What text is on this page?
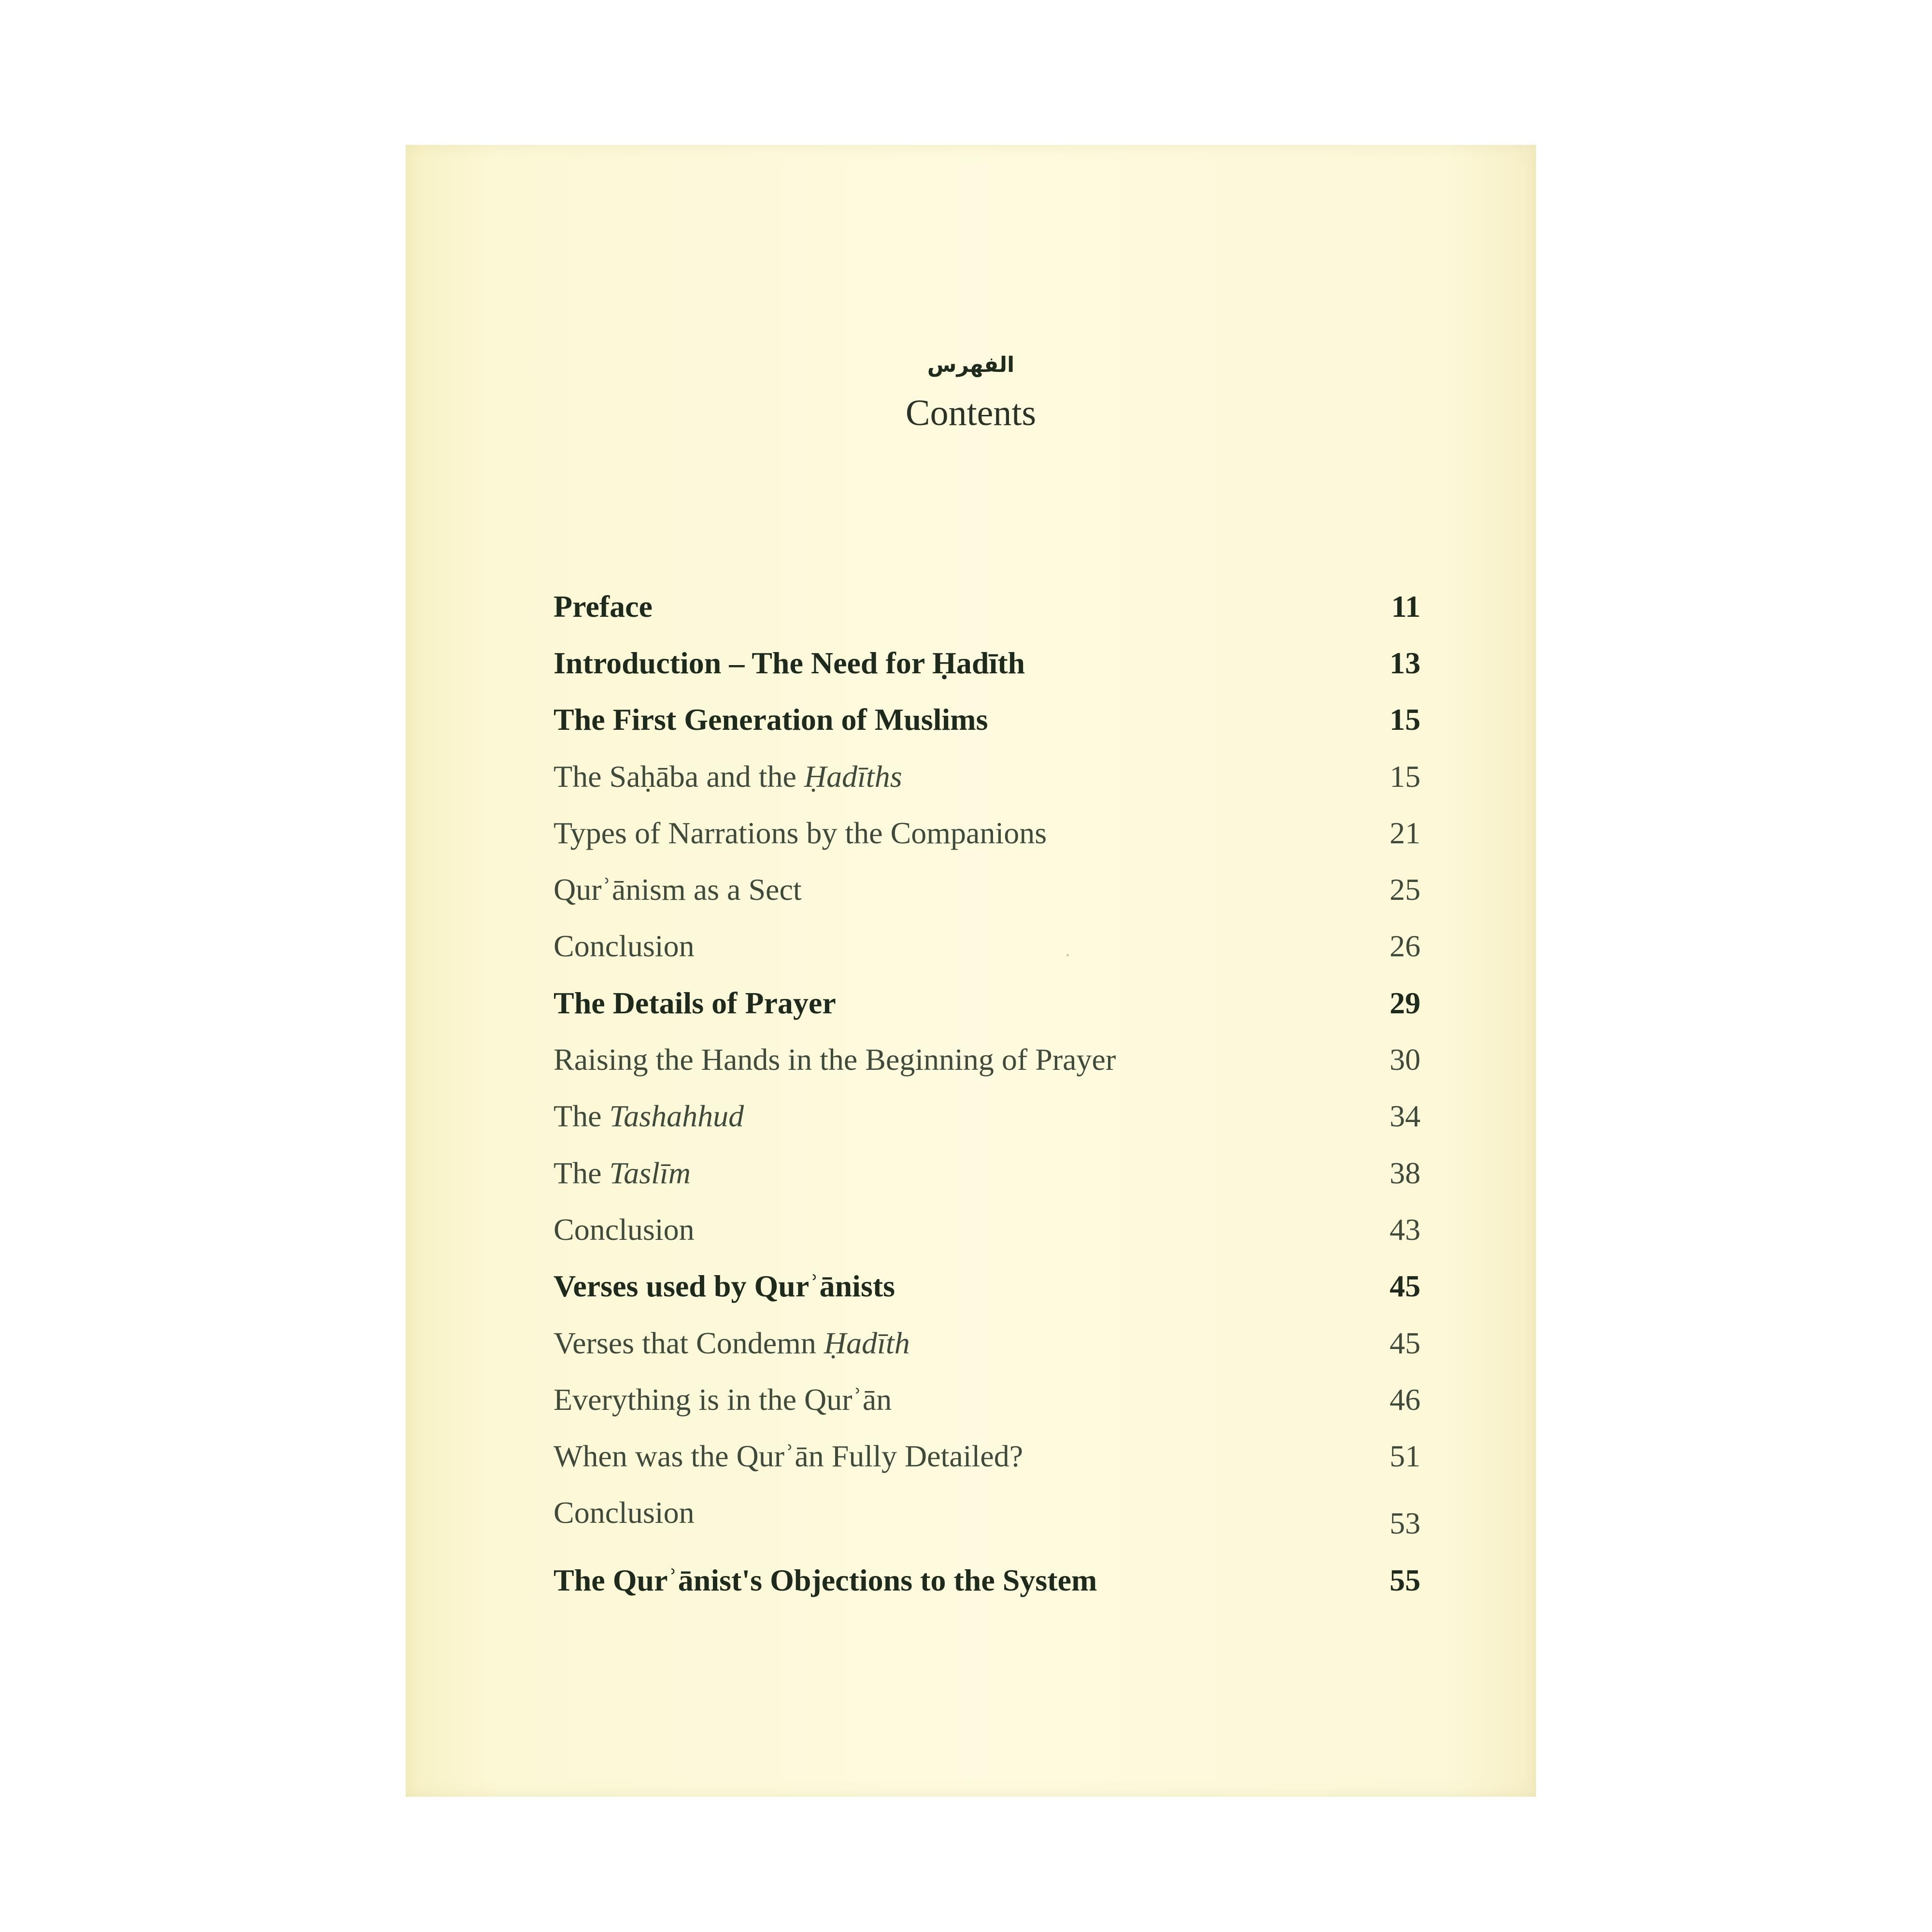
الفهرس
Contents
Preface	11
Introduction – The Need for Ḥadīth	13
The First Generation of Muslims	15
The Saḥāba and the Ḥadīths	15
Types of Narrations by the Companions	21
Qurʾānism as a Sect	25
Conclusion	26
The Details of Prayer	29
Raising the Hands in the Beginning of Prayer	30
The Tashahhud	34
The Taslīm	38
Conclusion	43
Verses used by Qurʾānists	45
Verses that Condemn Ḥadīth	45
Everything is in the Qurʾān	46
When was the Qurʾān Fully Detailed?	51
Conclusion	53
The Qurʾānist's Objections to the System	55
